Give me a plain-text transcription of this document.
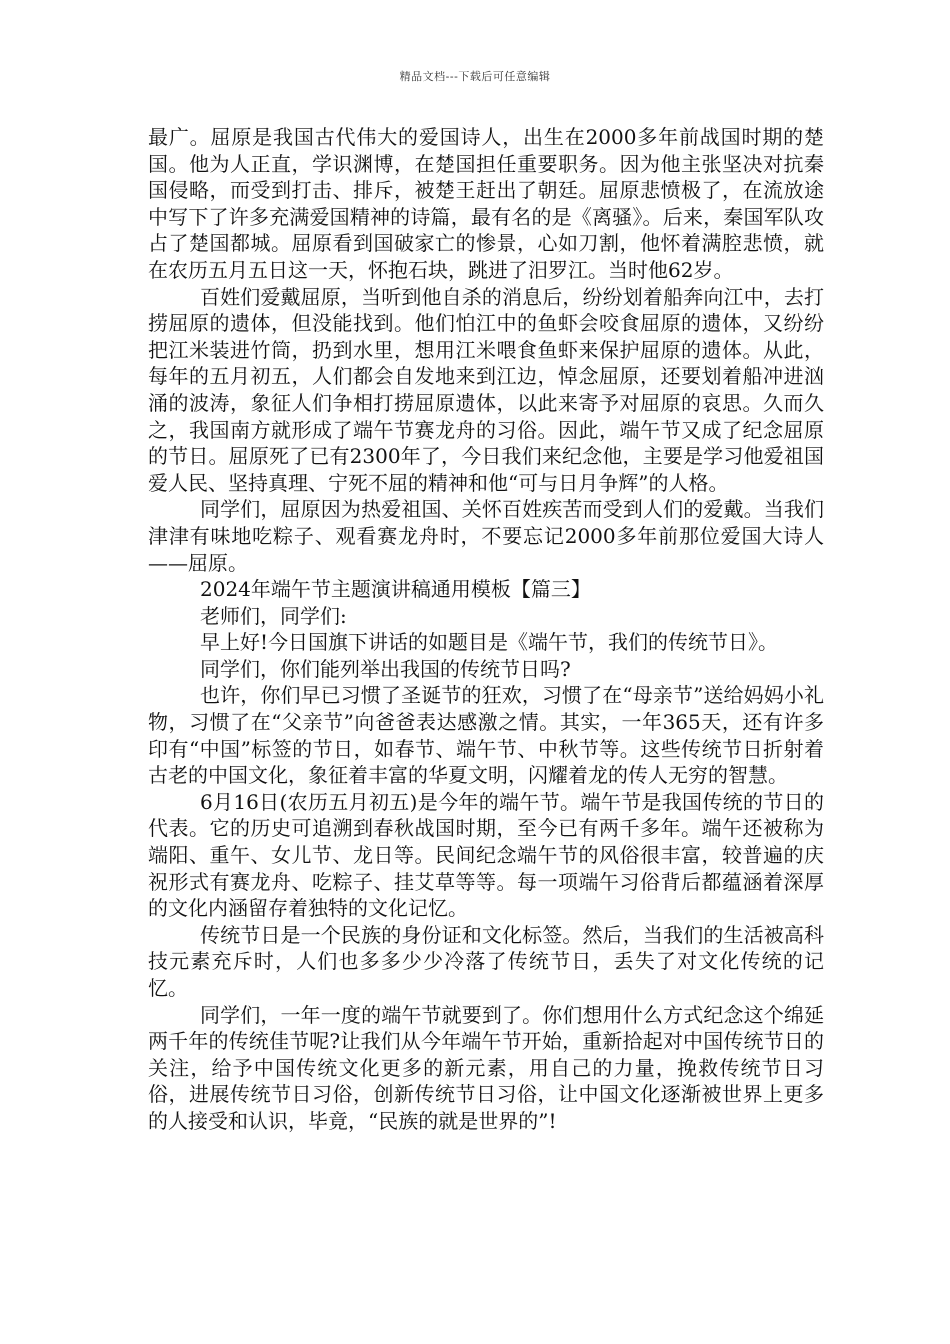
精品文档---下载后可任意编辑

最广。屈原是我国古代伟大的爱国诗人，出生在2000多年前战国时期的楚国。他为人正直，学识渊博，在楚国担任重要职务。因为他主张坚决对抗秦国侵略，而受到打击、排斥，被楚王赶出了朝廷。屈原悲愤极了，在流放途中写下了许多充满爱国精神的诗篇，最有名的是《离骚》。后来，秦国军队攻占了楚国都城。屈原看到国破家亡的惨景，心如刀割，他怀着满腔悲愤，就在农历五月五日这一天，怀抱石块，跳进了汨罗江。当时他62岁。

百姓们爱戴屈原，当听到他自杀的消息后，纷纷划着船奔向江中，去打捞屈原的遗体，但没能找到。他们怕江中的鱼虾会咬食屈原的遗体，又纷纷把江米装进竹筒，扔到水里，想用江米喂食鱼虾来保护屈原的遗体。从此，每年的五月初五，人们都会自发地来到江边，悼念屈原，还要划着船冲进汹涌的波涛，象征人们争相打捞屈原遗体，以此来寄予对屈原的哀思。久而久之，我国南方就形成了端午节赛龙舟的习俗。因此，端午节又成了纪念屈原的节日。屈原死了已有2300年了，今日我们来纪念他，主要是学习他爱祖国爱人民、坚持真理、宁死不屈的精神和他“可与日月争辉”的人格。

同学们，屈原因为热爱祖国、关怀百姓疾苦而受到人们的爱戴。当我们津津有味地吃粽子、观看赛龙舟时，不要忘记2000多年前那位爱国大诗人——屈原。

2024年端午节主题演讲稿通用模板【篇三】

老师们，同学们:

早上好!今日国旗下讲话的如题目是《端午节，我们的传统节日》。

同学们，你们能列举出我国的传统节日吗?

也许，你们早已习惯了圣诞节的狂欢，习惯了在“母亲节”送给妈妈小礼物，习惯了在“父亲节”向爸爸表达感激之情。其实，一年365天，还有许多印有“中国”标签的节日，如春节、端午节、中秋节等。这些传统节日折射着古老的中国文化，象征着丰富的华夏文明，闪耀着龙的传人无穷的智慧。

6月16日(农历五月初五)是今年的端午节。端午节是我国传统的节日的代表。它的历史可追溯到春秋战国时期，至今已有两千多年。端午还被称为端阳、重午、女儿节、龙日等。民间纪念端午节的风俗很丰富，较普遍的庆祝形式有赛龙舟、吃粽子、挂艾草等等。每一项端午习俗背后都蕴涵着深厚的文化内涵留存着独特的文化记忆。

传统节日是一个民族的身份证和文化标签。然后，当我们的生活被高科技元素充斥时，人们也多多少少冷落了传统节日，丢失了对文化传统的记忆。

同学们，一年一度的端午节就要到了。你们想用什么方式纪念这个绵延两千年的传统佳节呢?让我们从今年端午节开始，重新拾起对中国传统节日的关注，给予中国传统文化更多的新元素，用自己的力量，挽救传统节日习俗，进展传统节日习俗，创新传统节日习俗，让中国文化逐渐被世界上更多的人接受和认识，毕竟，“民族的就是世界的”!
